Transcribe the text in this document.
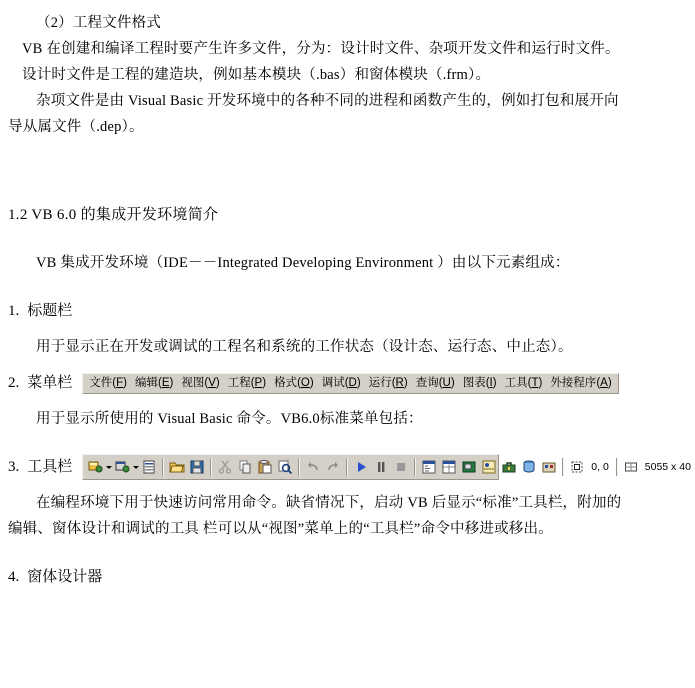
（2）工程文件格式

VB 在创建和编译工程时要产生许多文件，分为：设计时文件、杂项开发文件和运行时文件。

设计时文件是工程的建造块，例如基本模块（.bas）和窗体模块（.frm）。

杂项文件是由 Visual Basic 开发环境中的各种不同的进程和函数产生的，例如打包和展开向

导从属文件（.dep）。

1.2 VB 6.0 的集成开发环境简介

VB 集成开发环境（IDE－－Integrated Developing Environment ）由以下元素组成：

1. 标题栏

用于显示正在开发或调试的工程名和系统的工作状态（设计态、运行态、中止态）。

2. 菜单栏	文件(F) 编辑(E) 视图(V) 工程(P) 格式(O) 调试(D) 运行(R) 查询(U) 图表(I) 工具(T) 外接程序(A)

用于显示所使用的 Visual Basic 命令。VB6.0标准菜单包括：

3. 工具栏	0, 0	5055 x 40

在编程环境下用于快速访问常用命令。缺省情况下，启动 VB 后显示“标准”工具栏，附加的

编辑、窗体设计和调试的工具 栏可以从“视图”菜单上的“工具栏”命令中移进或移出。

4. 窗体设计器
